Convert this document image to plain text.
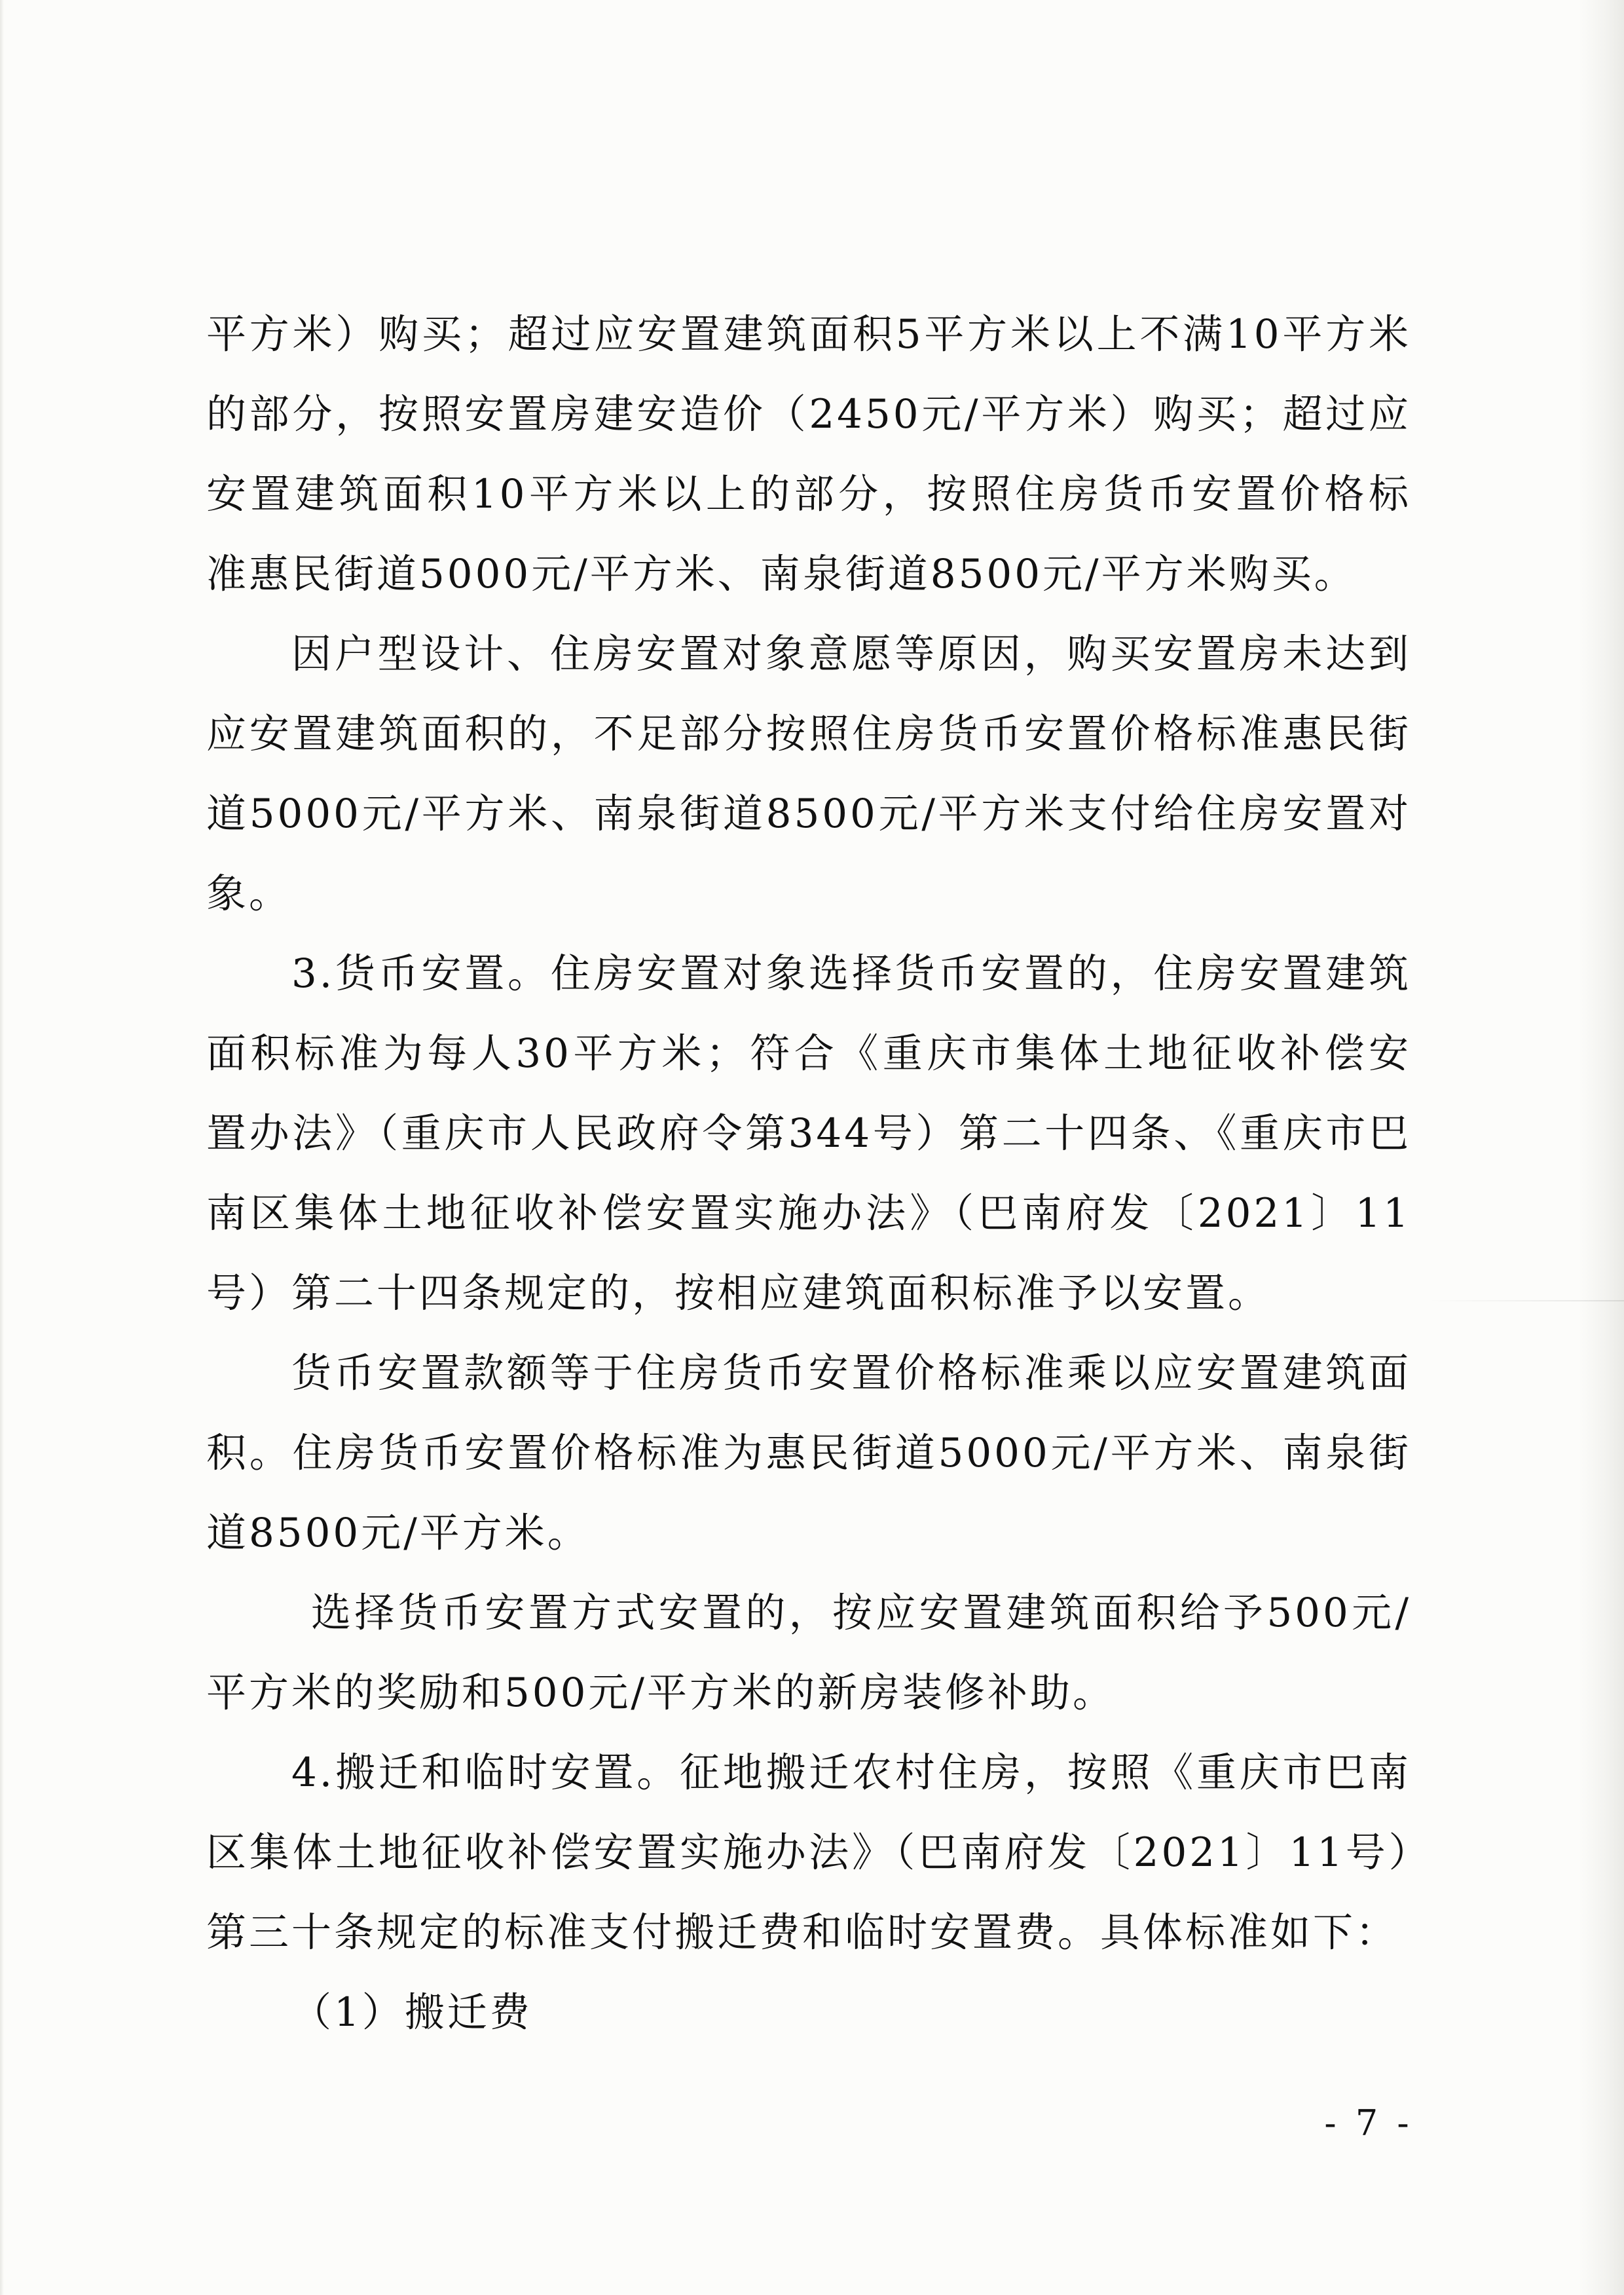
平方米）购买；超过应安置建筑面积5平方米以上不满10平方米的部分，按照安置房建安造价（2450元/平方米）购买；超过应安置建筑面积10平方米以上的部分，按照住房货币安置价格标准惠民街道5000元/平方米、南泉街道8500元/平方米购买。

因户型设计、住房安置对象意愿等原因，购买安置房未达到应安置建筑面积的，不足部分按照住房货币安置价格标准惠民街道5000元/平方米、南泉街道8500元/平方米支付给住房安置对象。

3.货币安置。住房安置对象选择货币安置的，住房安置建筑面积标准为每人30平方米；符合《重庆市集体土地征收补偿安置办法》（重庆市人民政府令第344号）第二十四条、《重庆市巴南区集体土地征收补偿安置实施办法》（巴南府发〔2021〕11号）第二十四条规定的，按相应建筑面积标准予以安置。

货币安置款额等于住房货币安置价格标准乘以应安置建筑面积。住房货币安置价格标准为惠民街道5000元/平方米、南泉街道8500元/平方米。

选择货币安置方式安置的，按应安置建筑面积给予500元/平方米的奖励和500元/平方米的新房装修补助。

4.搬迁和临时安置。征地搬迁农村住房，按照《重庆市巴南区集体土地征收补偿安置实施办法》（巴南府发〔2021〕11号）第三十条规定的标准支付搬迁费和临时安置费。具体标准如下：

（1）搬迁费

- 7 -
